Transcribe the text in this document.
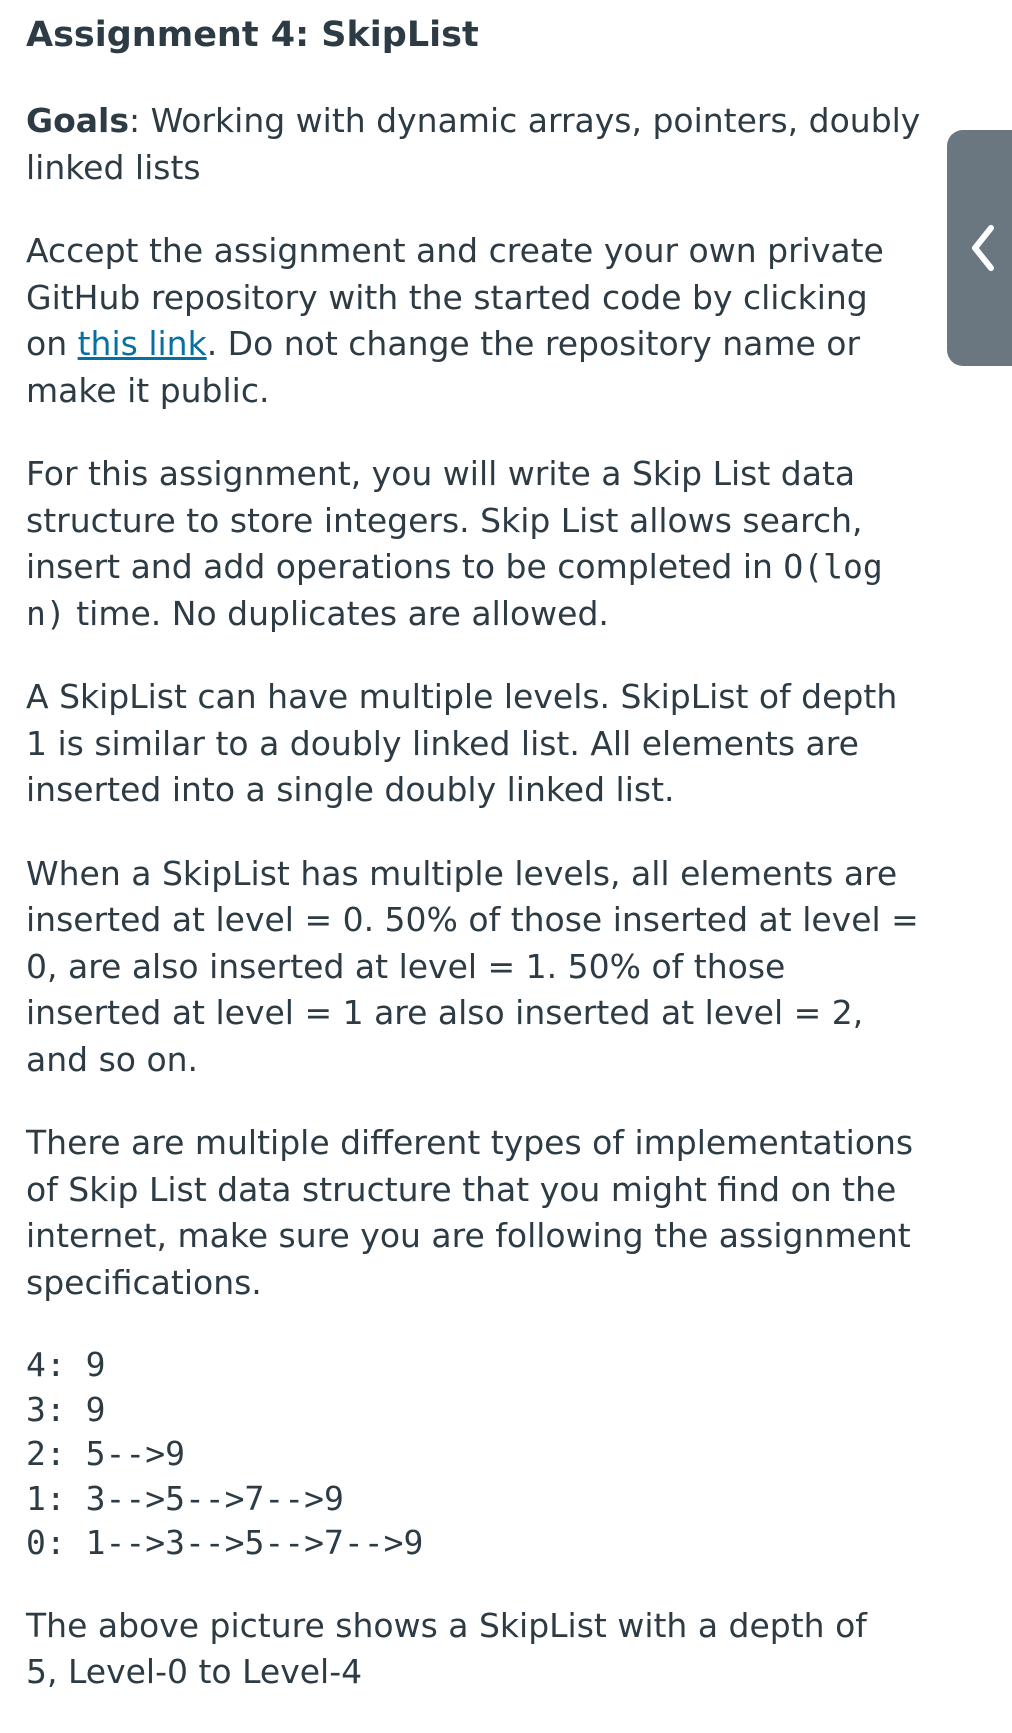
Assignment 4: SkipList

Goals: Working with dynamic arrays, pointers, doubly linked lists

Accept the assignment and create your own private GitHub repository with the started code by clicking on this link. Do not change the repository name or make it public.

For this assignment, you will write a Skip List data structure to store integers. Skip List allows search, insert and add operations to be completed in O(log n) time. No duplicates are allowed.

A SkipList can have multiple levels. SkipList of depth 1 is similar to a doubly linked list. All elements are inserted into a single doubly linked list.

When a SkipList has multiple levels, all elements are inserted at level = 0. 50% of those inserted at level = 0, are also inserted at level = 1. 50% of those inserted at level = 1 are also inserted at level = 2, and so on.

There are multiple different types of implementations of Skip List data structure that you might find on the internet, make sure you are following the assignment specifications.

4: 9
3: 9
2: 5-->9
1: 3-->5-->7-->9
0: 1-->3-->5-->7-->9

The above picture shows a SkipList with a depth of 5, Level-0 to Level-4
